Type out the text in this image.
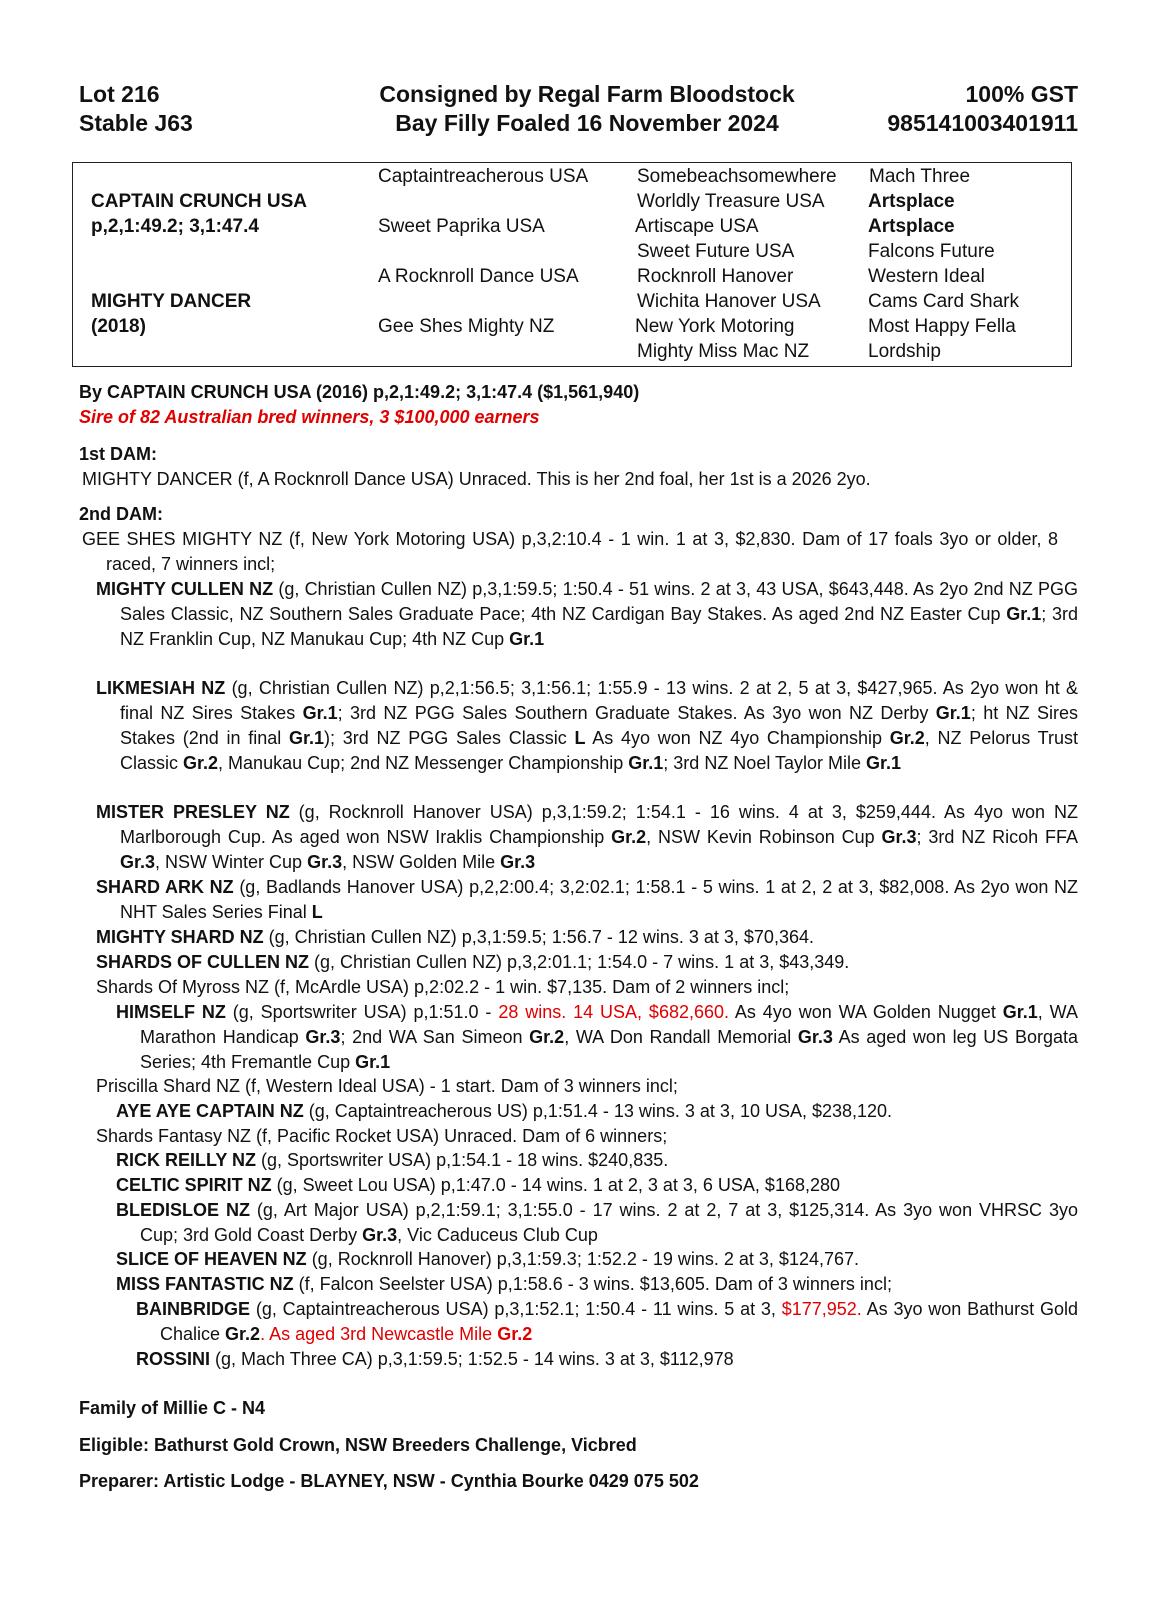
Lot 216
Stable J63
Consigned by Regal Farm Bloodstock
Bay Filly Foaled 16 November 2024
100% GST
985141003401911
CAPTAIN CRUNCH USA
p,2,1:49.2; 3,1:47.4
MIGHTY DANCER
(2018)
Captaintreacherous USA
Sweet Paprika USA
A Rocknroll Dance USA
Gee Shes Mighty NZ
Somebeachsomewhere
Worldly Treasure USA
Artiscape USA
Sweet Future USA
Rocknroll Hanover
Wichita Hanover USA
New York Motoring
Mighty Miss Mac NZ
Mach Three
Artsplace
Artsplace
Falcons Future
Western Ideal
Cams Card Shark
Most Happy Fella
Lordship
By CAPTAIN CRUNCH USA (2016) p,2,1:49.2; 3,1:47.4 ($1,561,940)
Sire of 82 Australian bred winners, 3 $100,000 earners
1st DAM:
MIGHTY DANCER (f, A Rocknroll Dance USA) Unraced. This is her 2nd foal, her 1st is a 2026 2yo.
2nd DAM:
GEE SHES MIGHTY NZ (f, New York Motoring USA) p,3,2:10.4 - 1 win. 1 at 3, $2,830. Dam of 17 foals 3yo or older, 8 raced, 7 winners incl;
MIGHTY CULLEN NZ (g, Christian Cullen NZ) p,3,1:59.5; 1:50.4 - 51 wins. 2 at 3, 43 USA, $643,448. As 2yo 2nd NZ PGG Sales Classic, NZ Southern Sales Graduate Pace; 4th NZ Cardigan Bay Stakes. As aged 2nd NZ Easter Cup Gr.1; 3rd NZ Franklin Cup, NZ Manukau Cup; 4th NZ Cup Gr.1
LIKMESIAH NZ (g, Christian Cullen NZ) p,2,1:56.5; 3,1:56.1; 1:55.9 - 13 wins. 2 at 2, 5 at 3, $427,965. As 2yo won ht & final NZ Sires Stakes Gr.1; 3rd NZ PGG Sales Southern Graduate Stakes. As 3yo won NZ Derby Gr.1; ht NZ Sires Stakes (2nd in final Gr.1); 3rd NZ PGG Sales Classic L As 4yo won NZ 4yo Championship Gr.2, NZ Pelorus Trust Classic Gr.2, Manukau Cup; 2nd NZ Messenger Championship Gr.1; 3rd NZ Noel Taylor Mile Gr.1
MISTER PRESLEY NZ (g, Rocknroll Hanover USA) p,3,1:59.2; 1:54.1 - 16 wins. 4 at 3, $259,444. As 4yo won NZ Marlborough Cup. As aged won NSW Iraklis Championship Gr.2, NSW Kevin Robinson Cup Gr.3; 3rd NZ Ricoh FFA Gr.3, NSW Winter Cup Gr.3, NSW Golden Mile Gr.3
SHARD ARK NZ (g, Badlands Hanover USA) p,2,2:00.4; 3,2:02.1; 1:58.1 - 5 wins. 1 at 2, 2 at 3, $82,008. As 2yo won NZ NHT Sales Series Final L
MIGHTY SHARD NZ (g, Christian Cullen NZ) p,3,1:59.5; 1:56.7 - 12 wins. 3 at 3, $70,364.
SHARDS OF CULLEN NZ (g, Christian Cullen NZ) p,3,2:01.1; 1:54.0 - 7 wins. 1 at 3, $43,349.
Shards Of Myross NZ (f, McArdle USA) p,2:02.2 - 1 win. $7,135. Dam of 2 winners incl;
HIMSELF NZ (g, Sportswriter USA) p,1:51.0 - 28 wins. 14 USA, $682,660. As 4yo won WA Golden Nugget Gr.1, WA Marathon Handicap Gr.3; 2nd WA San Simeon Gr.2, WA Don Randall Memorial Gr.3 As aged won leg US Borgata Series; 4th Fremantle Cup Gr.1
Priscilla Shard NZ (f, Western Ideal USA) - 1 start. Dam of 3 winners incl;
AYE AYE CAPTAIN NZ (g, Captaintreacherous US) p,1:51.4 - 13 wins. 3 at 3, 10 USA, $238,120.
Shards Fantasy NZ (f, Pacific Rocket USA) Unraced. Dam of 6 winners;
RICK REILLY NZ (g, Sportswriter USA) p,1:54.1 - 18 wins. $240,835.
CELTIC SPIRIT NZ (g, Sweet Lou USA) p,1:47.0 - 14 wins. 1 at 2, 3 at 3, 6 USA, $168,280
BLEDISLOE NZ (g, Art Major USA) p,2,1:59.1; 3,1:55.0 - 17 wins. 2 at 2, 7 at 3, $125,314. As 3yo won VHRSC 3yo Cup; 3rd Gold Coast Derby Gr.3, Vic Caduceus Club Cup
SLICE OF HEAVEN NZ (g, Rocknroll Hanover) p,3,1:59.3; 1:52.2 - 19 wins. 2 at 3, $124,767.
MISS FANTASTIC NZ (f, Falcon Seelster USA) p,1:58.6 - 3 wins. $13,605. Dam of 3 winners incl;
BAINBRIDGE (g, Captaintreacherous USA) p,3,1:52.1; 1:50.4 - 11 wins. 5 at 3, $177,952. As 3yo won Bathurst Gold Chalice Gr.2. As aged 3rd Newcastle Mile Gr.2
ROSSINI (g, Mach Three CA) p,3,1:59.5; 1:52.5 - 14 wins. 3 at 3, $112,978
Family of Millie C - N4
Eligible: Bathurst Gold Crown, NSW Breeders Challenge, Vicbred
Preparer: Artistic Lodge - BLAYNEY, NSW - Cynthia Bourke 0429 075 502
